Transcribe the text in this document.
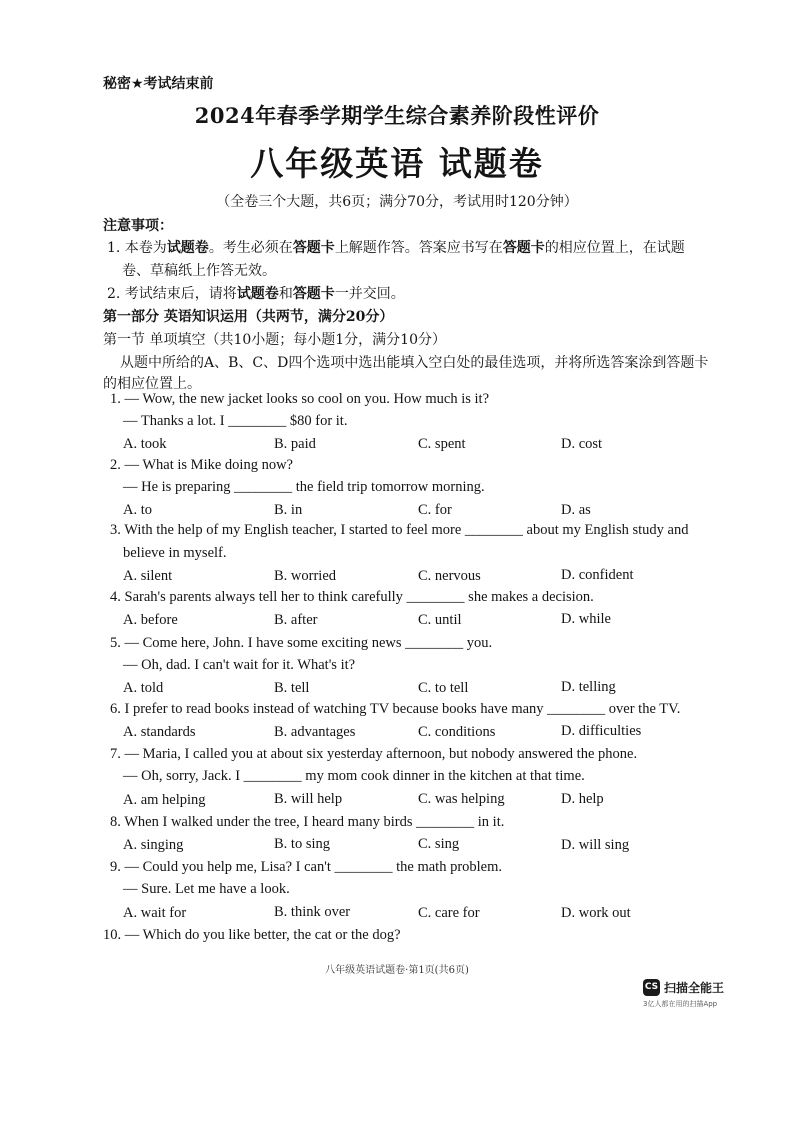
秘密★考试结束前
2024年春季学期学生综合素养阶段性评价
八年级英语 试题卷
（全卷三个大题，共6页；满分70分，考试用时120分钟）
注意事项：
1. 本卷为试题卷。考生必须在答题卡上解题作答。答案应书写在答题卡的相应位置上，在试题
卷、草稿纸上作答无效。
2. 考试结束后，请将试题卷和答题卡一并交回。
第一部分 英语知识运用（共两节，满分20分）
第一节 单项填空（共10小题；每小题1分，满分10分）
从题中所给的A、B、C、D四个选项中选出能填入空白处的最佳选项，并将所选答案涂到答题卡
的相应位置上。
1. — Wow, the new jacket looks so cool on you. How much is it?
— Thanks a lot. I ________ $80 for it.
A. took	B. paid	C. spent	D. cost
2. — What is Mike doing now?
— He is preparing ________ the field trip tomorrow morning.
A. to	B. in	C. for	D. as
3. With the help of my English teacher, I started to feel more ________ about my English study and
believe in myself.
A. silent	B. worried	C. nervous	D. confident
4. Sarah's parents always tell her to think carefully ________ she makes a decision.
A. before	B. after	C. until	D. while
5. — Come here, John. I have some exciting news ________ you.
— Oh, dad. I can't wait for it. What's it?
A. told	B. tell	C. to tell	D. telling
6. I prefer to read books instead of watching TV because books have many ________ over the TV.
A. standards	B. advantages	C. conditions	D. difficulties
7. — Maria, I called you at about six yesterday afternoon, but nobody answered the phone.
— Oh, sorry, Jack. I ________ my mom cook dinner in the kitchen at that time.
A. am helping	B. will help	C. was helping	D. help
8. When I walked under the tree, I heard many birds ________ in it.
A. singing	B. to sing	C. sing	D. will sing
9. — Could you help me, Lisa? I can't ________ the math problem.
— Sure. Let me have a look.
A. wait for	B. think over	C. care for	D. work out
10. — Which do you like better, the cat or the dog?
八年级英语试题卷·第1页(共6页)
CS 扫描全能王
3亿人都在用的扫描App
